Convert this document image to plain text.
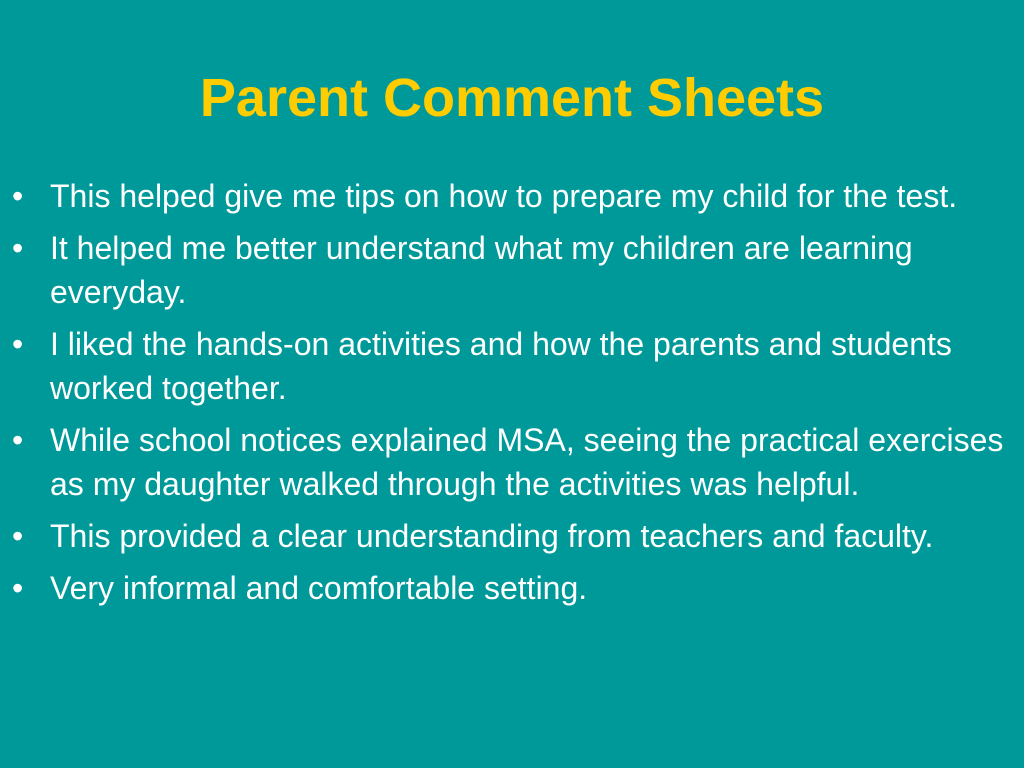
Parent Comment Sheets
• This helped give me tips on how to prepare my child for the test.
• It helped me better understand what my children are learning everyday.
• I liked the hands-on activities and how the parents and students worked together.
• While school notices explained MSA, seeing the practical exercises as my daughter walked through the activities was helpful.
• This provided a clear understanding from teachers and faculty.
• Very informal and comfortable setting.
